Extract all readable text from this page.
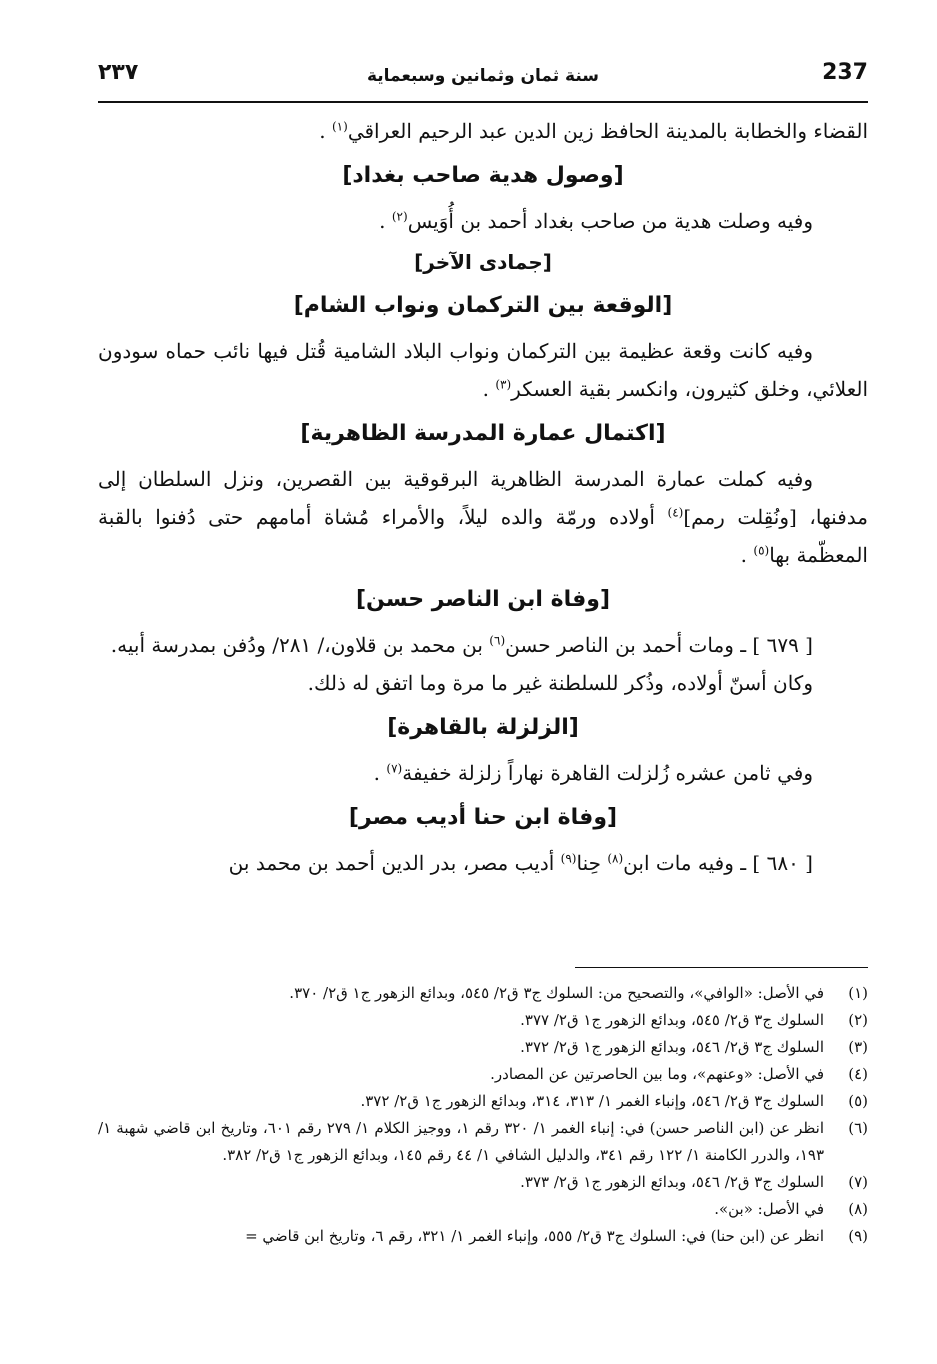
٢٣٧	سنة ثمان وثمانين وسبعماية	237

القضاء والخطابة بالمدينة الحافظ زين الدين عبد الرحيم العراقي$^{(١)}$ .

[وصول هدية صاحب بغداد]

وفيه وصلت هدية من صاحب بغداد أحمد بن أُوَيس$^{(٢)}$ .

[جمادى الآخر]
[الوقعة بين التركمان ونواب الشام]

وفيه كانت وقعة عظيمة بين التركمان ونواب البلاد الشامية قُتل فيها نائب حماه سودون العلائي، وخلق كثيرون، وانكسر بقية العسكر$^{(٣)}$ .

[اكتمال عمارة المدرسة الظاهرية]

وفيه كملت عمارة المدرسة الظاهرية البرقوقية بين القصرين، ونزل السلطان إلى مدفنها، [ونُقِلت رمم]$^{(٤)}$ أولاده ورمّة والده ليلاً، والأمراء مُشاة أمامهم حتى دُفنوا بالقبة المعظّمة بها$^{(٥)}$ .

[وفاة ابن الناصر حسن]

[ ٦٧٩ ] ـ ومات أحمد بن الناصر حسن$^{(٦)}$ بن محمد بن قلاون،/ ٢٨١/ ودُفن بمدرسة أبيه.

وكان أسنّ أولاده، وذُكر للسلطنة غير ما مرة وما اتفق له ذلك.

[الزلزلة بالقاهرة]

وفي ثامن عشره زُلزلت القاهرة نهاراً زلزلة خفيفة$^{(٧)}$ .

[وفاة ابن حنا أديب مصر]

[ ٦٨٠ ] ـ وفيه مات ابن$^{(٨)}$ حِنا$^{(٩)}$ أديب مصر، بدر الدين أحمد بن محمد بن

(١)
في الأصل: «الوافي»، والتصحيح من: السلوك ج٣ ق٢/ ٥٤٥، وبدائع الزهور ج١ ق٢/ ٣٧٠.
(٢)
السلوك ج٣ ق٢/ ٥٤٥، وبدائع الزهور ج١ ق٢/ ٣٧٧.
(٣)
السلوك ج٣ ق٢/ ٥٤٦، وبدائع الزهور ج١ ق٢/ ٣٧٢.
(٤)
في الأصل: «وعنهم»، وما بين الحاصرتين عن المصادر.
(٥)
السلوك ج٣ ق٢/ ٥٤٦، وإنباء الغمر ١/ ٣١٣، ٣١٤، وبدائع الزهور ج١ ق٢/ ٣٧٢.
(٦)
انظر عن (ابن الناصر حسن) في: إنباء الغمر ١/ ٣٢٠ رقم ١، ووجيز الكلام ١/ ٢٧٩ رقم ٦٠١، وتاريخ ابن قاضي شهبة ١/ ١٩٣، والدرر الكامنة ١/ ١٢٢ رقم ٣٤١، والدليل الشافي ١/ ٤٤ رقم ١٤٥، وبدائع الزهور ج١ ق٢/ ٣٨٢.
(٧)
السلوك ج٣ ق٢/ ٥٤٦، وبدائع الزهور ج١ ق٢/ ٣٧٣.
(٨)
في الأصل: «بن».
(٩)
انظر عن (ابن حنا) في: السلوك ج٣ ق٢/ ٥٥٥، وإنباء الغمر ١/ ٣٢١، رقم ٦، وتاريخ ابن قاضي =
